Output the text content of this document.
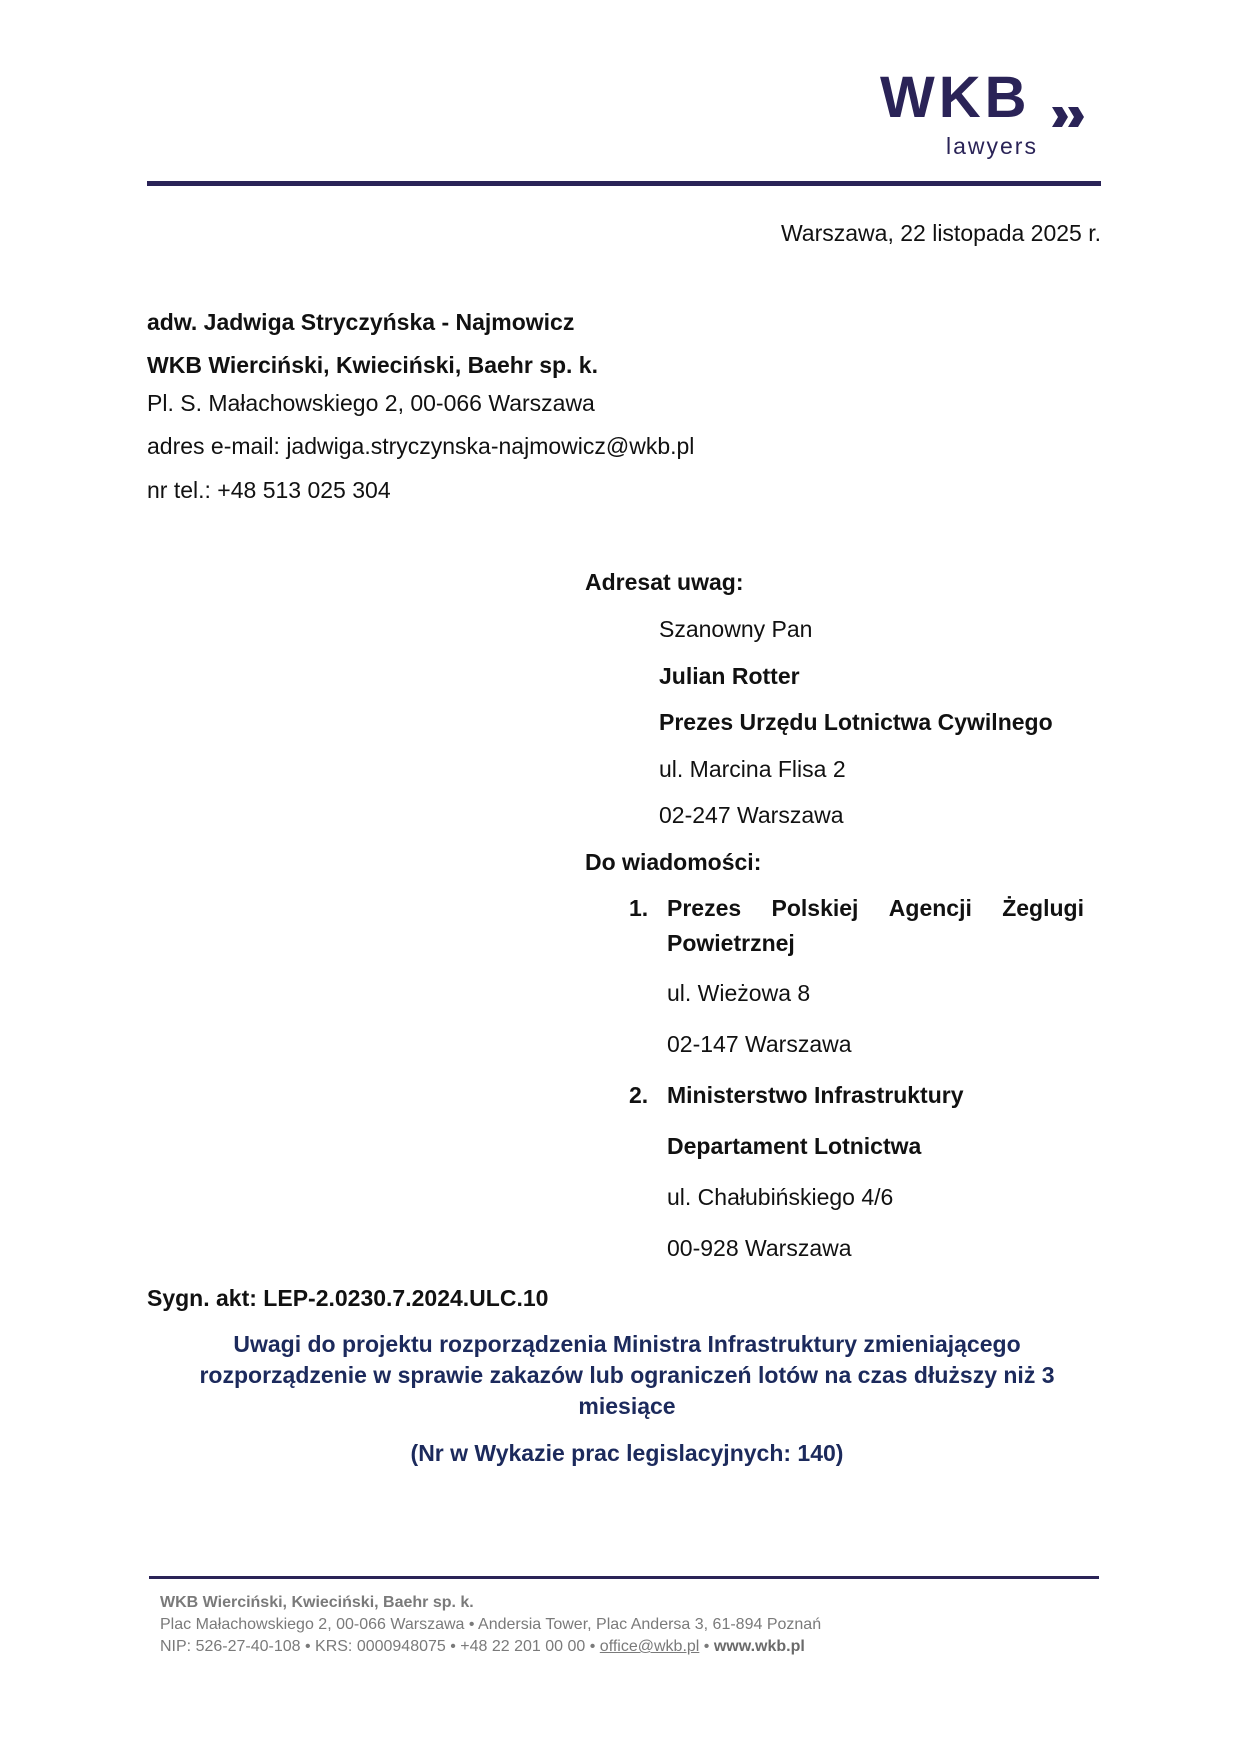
WKB
lawyers
Warszawa, 22 listopada 2025 r.
adw. Jadwiga Stryczyńska - Najmowicz
WKB Wierciński, Kwieciński, Baehr sp. k.
Pl. S. Małachowskiego 2, 00-066 Warszawa
adres e-mail: jadwiga.stryczynska-najmowicz@wkb.pl
nr tel.: +48 513 025 304
Adresat uwag:
Szanowny Pan
Julian Rotter
Prezes Urzędu Lotnictwa Cywilnego
ul. Marcina Flisa 2
02-247 Warszawa
Do wiadomości:
1. Prezes Polskiej Agencji Żeglugi
Powietrznej
ul. Wieżowa 8
02-147 Warszawa
2. Ministerstwo Infrastruktury
Departament Lotnictwa
ul. Chałubińskiego 4/6
00-928 Warszawa
Sygn. akt: LEP-2.0230.7.2024.ULC.10
Uwagi do projektu rozporządzenia Ministra Infrastruktury zmieniającego
rozporządzenie w sprawie zakazów lub ograniczeń lotów na czas dłuższy niż 3
miesiące
(Nr w Wykazie prac legislacyjnych: 140)
WKB Wierciński, Kwieciński, Baehr sp. k.
Plac Małachowskiego 2, 00-066 Warszawa • Andersia Tower, Plac Andersa 3, 61-894 Poznań
NIP: 526-27-40-108 • KRS: 0000948075 • +48 22 201 00 00 • office@wkb.pl • www.wkb.pl
